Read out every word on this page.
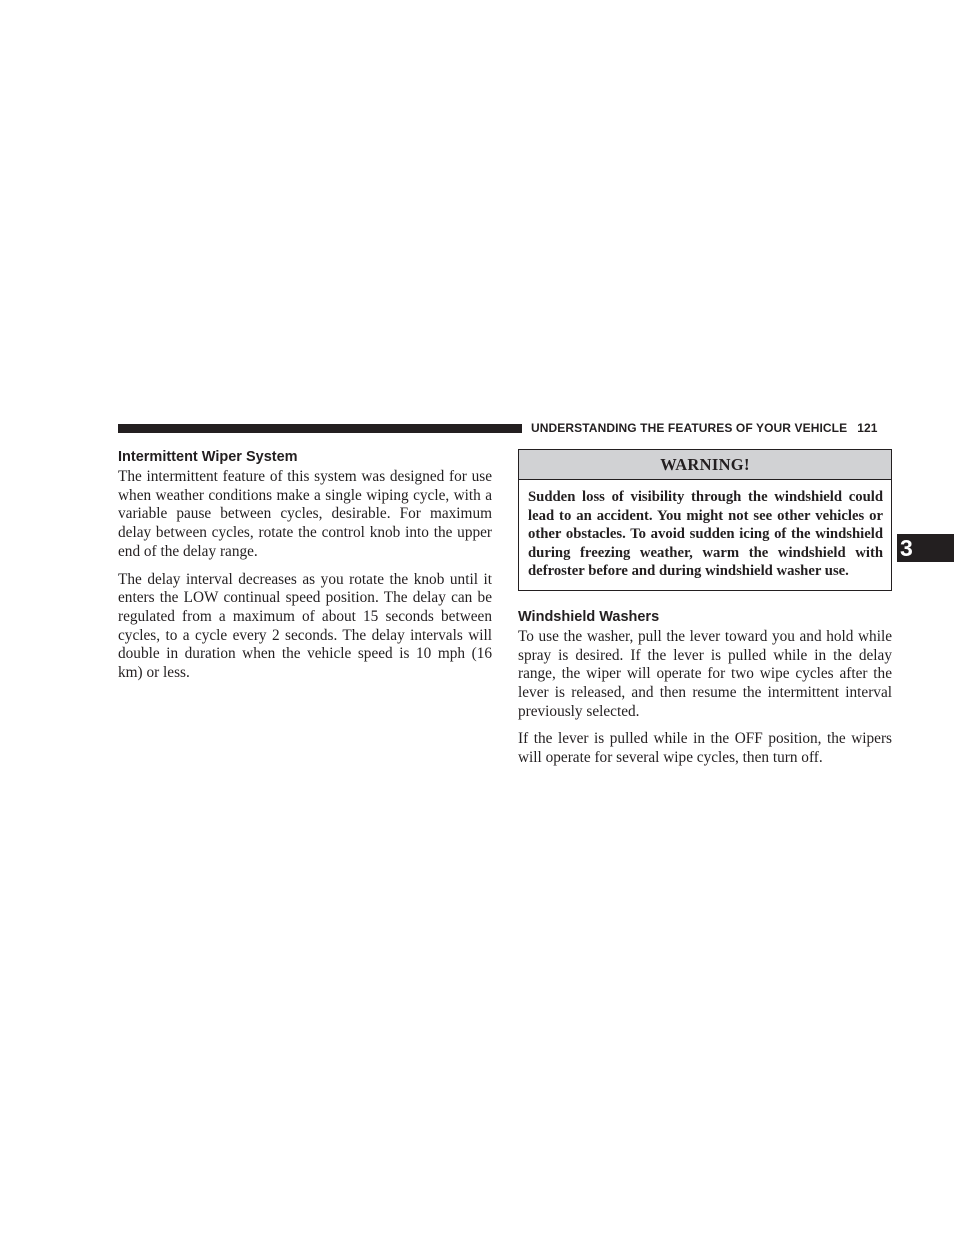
UNDERSTANDING THE FEATURES OF YOUR VEHICLE 121
Intermittent Wiper System

The intermittent feature of this system was designed for use when weather conditions make a single wiping cycle, with a variable pause between cycles, desirable. For maximum delay between cycles, rotate the control knob into the upper end of the delay range.

The delay interval decreases as you rotate the knob until it enters the LOW continual speed position. The delay can be regulated from a maximum of about 15 seconds between cycles, to a cycle every 2 seconds. The delay intervals will double in duration when the vehicle speed is 10 mph (16 km) or less.

WARNING!
Sudden loss of visibility through the windshield could lead to an accident. You might not see other vehicles or other obstacles. To avoid sudden icing of the windshield during freezing weather, warm the windshield with defroster before and during windshield washer use.
Windshield Washers

To use the washer, pull the lever toward you and hold while spray is desired. If the lever is pulled while in the delay range, the wiper will operate for two wipe cycles after the lever is released, and then resume the intermittent interval previously selected.

If the lever is pulled while in the OFF position, the wipers will operate for several wipe cycles, then turn off.

3
